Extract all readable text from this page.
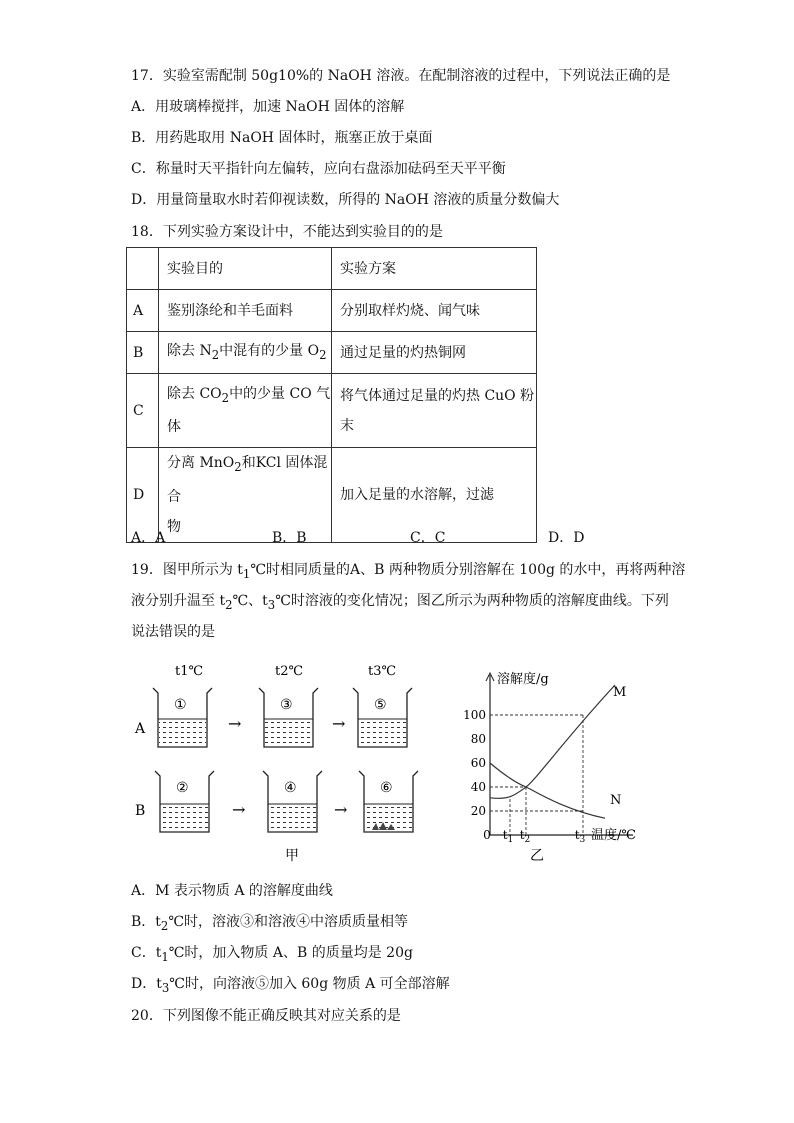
17．实验室需配制 50g10%的 NaOH 溶液。在配制溶液的过程中，下列说法正确的是
A．用玻璃棒搅拌，加速 NaOH 固体的溶解
B．用药匙取用 NaOH 固体时，瓶塞正放于桌面
C．称量时天平指针向左偏转，应向右盘添加砝码至天平平衡
D．用量筒量取水时若仰视读数，所得的 NaOH 溶液的质量分数偏大
18．下列实验方案设计中，不能达到实验目的的是
	实验目的	实验方案
A	鉴别涤纶和羊毛面料	分别取样灼烧、闻气味
B	除去 $N_2$中混有的少量 $O_2$	通过足量的灼热铜网
C	除去 $CO_2$中的少量 CO 气体	将气体通过足量的灼热 CuO 粉
末

D	分离 MnO$_2$和KCl 固体混合
物	加入足量的水溶解，过滤
A．A	B．B	C．C	D．D
19．图甲所示为 $t_1℃$时相同质量的A、B 两种物质分别溶解在 100g 的水中，再将两种溶
液分别升温至 $t_2℃$、$t_3℃$时溶液的变化情况；图乙所示为两种物质的溶解度曲线。下列
说法错误的是
t1℃	t2℃	t3℃
A
B
①
→
③
→
⑤
②
→
④
→
⑥
甲
溶解度/g
温度/℃
100
80
60
40
20
0 $t_1$ $t_2$	$t_3$
M
N
乙
A．M 表示物质 A 的溶解度曲线
B．$t_2℃$时，溶液③和溶液④中溶质质量相等
C．$t_1℃$时，加入物质 A、B 的质量均是 20g
D．$t_3℃$时，向溶液⑤加入 60g 物质 A 可全部溶解
20．下列图像不能正确反映其对应关系的是
